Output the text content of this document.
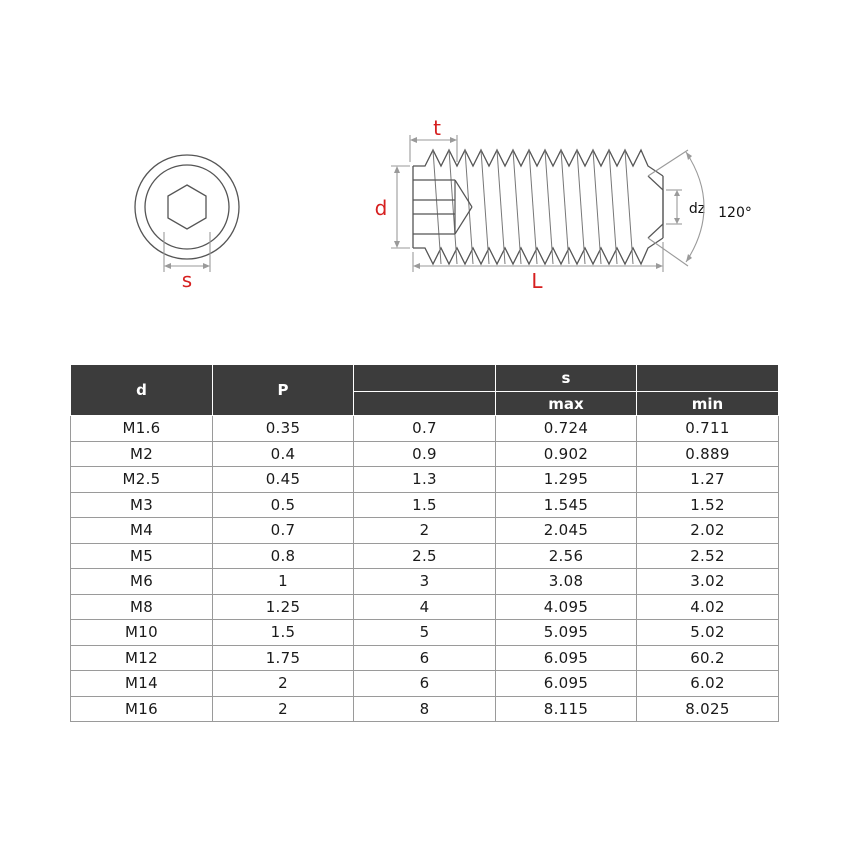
s
t
d
L
dz 120°
d	P		s	
			max	min
M1.6	0.35	0.7	0.724	0.711
M2	0.4	0.9	0.902	0.889
M2.5	0.45	1.3	1.295	1.27
M3	0.5	1.5	1.545	1.52
M4	0.7	2	2.045	2.02
M5	0.8	2.5	2.56	2.52
M6	1	3	3.08	3.02
M8	1.25	4	4.095	4.02
M10	1.5	5	5.095	5.02
M12	1.75	6	6.095	60.2
M14	2	6	6.095	6.02
M16	2	8	8.115	8.025
